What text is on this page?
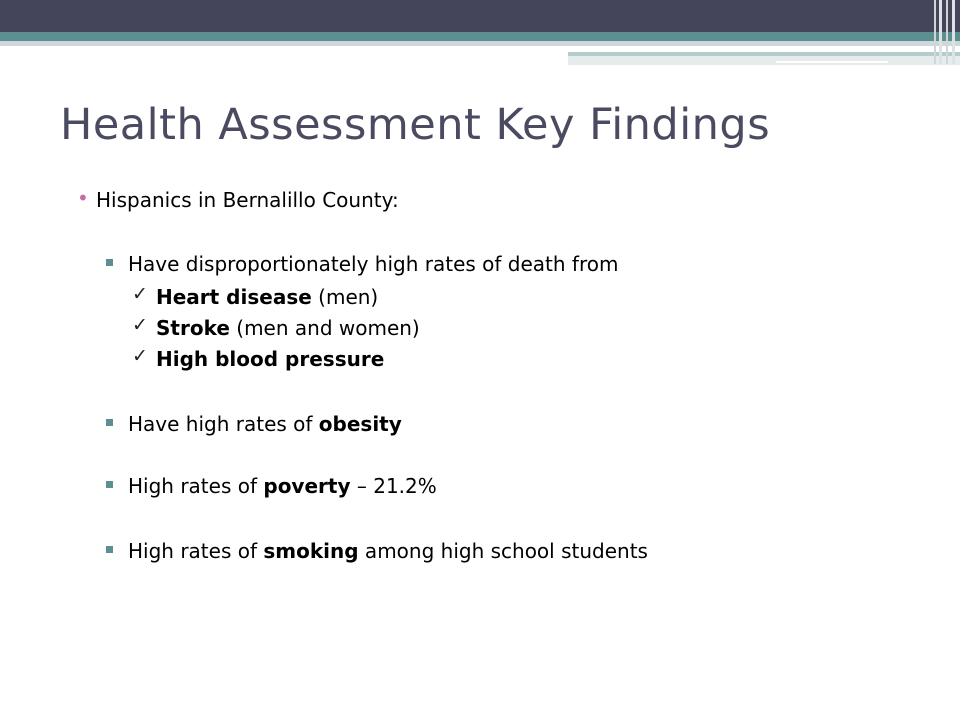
Health Assessment Key Findings
• Hispanics in Bernalillo County:
Have disproportionately high rates of death from
✓ Heart disease (men)
✓ Stroke (men and women)
✓ High blood pressure
Have high rates of obesity
High rates of poverty – 21.2%
High rates of smoking among high school students
